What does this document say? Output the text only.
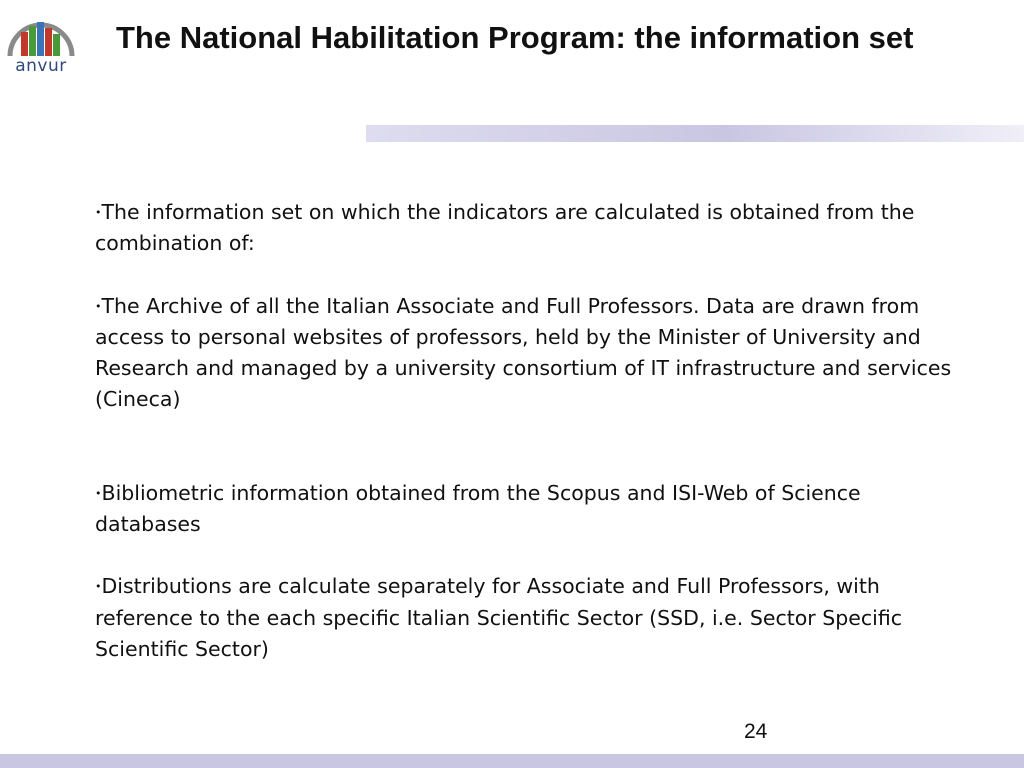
anvur
The National Habilitation Program: the information set

•The information set on which the indicators are calculated is obtained from the combination of:

•The Archive of all the Italian Associate and Full Professors. Data are drawn from access to personal websites of professors, held by the Minister of University and Research and managed by a university consortium of IT infrastructure and services (Cineca)

•Bibliometric information obtained from the Scopus and ISI-Web of Science databases

•Distributions are calculate separately for Associate and Full Professors, with reference to the each specific Italian Scientific Sector (SSD, i.e. Sector Specific Scientific Sector)

24
